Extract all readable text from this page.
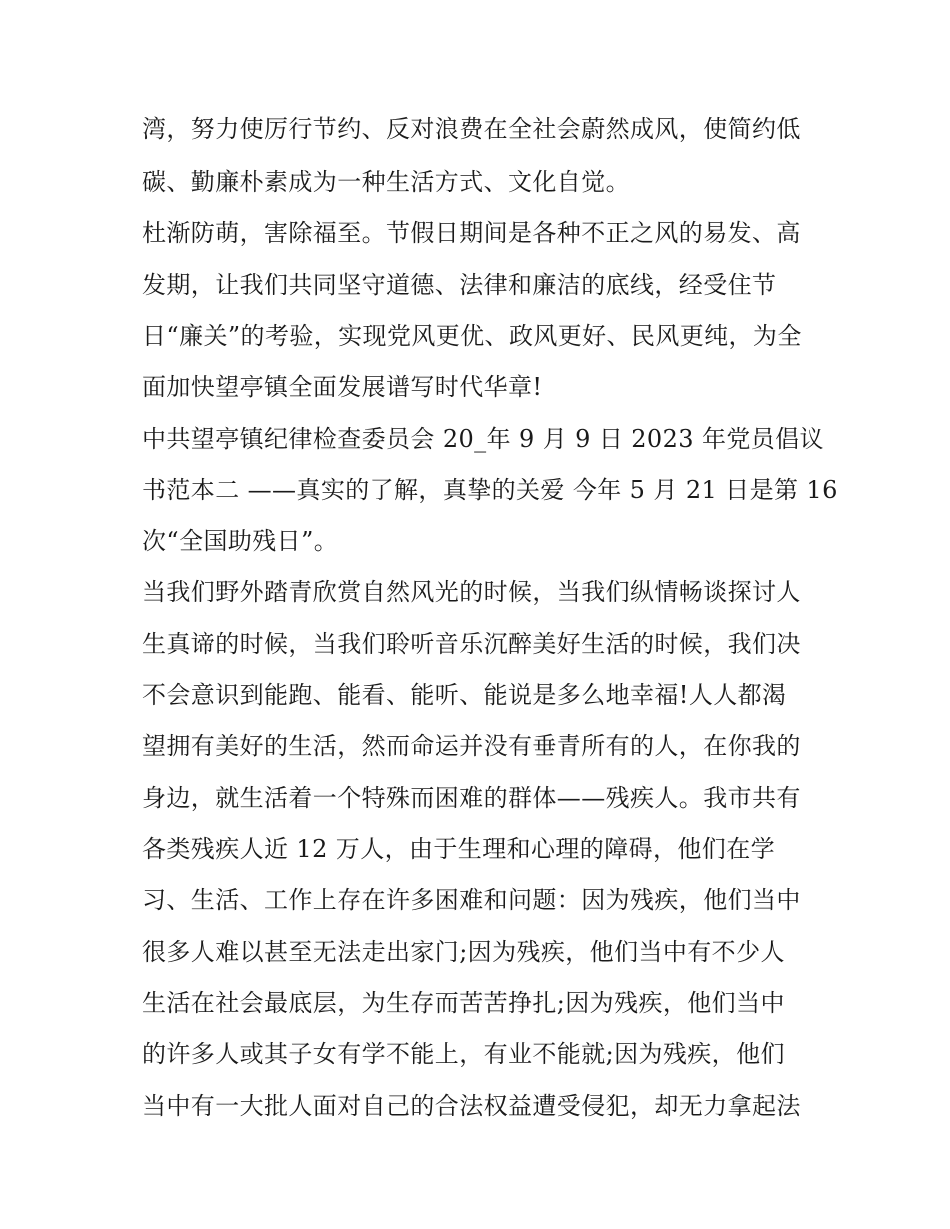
湾，努力使厉行节约、反对浪费在全社会蔚然成风，使简约低
碳、勤廉朴素成为一种生活方式、文化自觉。
杜渐防萌，害除福至。节假日期间是各种不正之风的易发、高
发期，让我们共同坚守道德、法律和廉洁的底线，经受住节
日“廉关”的考验，实现党风更优、政风更好、民风更纯，为全
面加快望亭镇全面发展谱写时代华章!
中共望亭镇纪律检查委员会 20_年 9 月 9 日 2023 年党员倡议
书范本二 ——真实的了解，真挚的关爱 今年 5 月 21 日是第 16
次“全国助残日”。
当我们野外踏青欣赏自然风光的时候，当我们纵情畅谈探讨人
生真谛的时候，当我们聆听音乐沉醉美好生活的时候，我们决
不会意识到能跑、能看、能听、能说是多么地幸福!人人都渴
望拥有美好的生活，然而命运并没有垂青所有的人，在你我的
身边，就生活着一个特殊而困难的群体——残疾人。我市共有
各类残疾人近 12 万人，由于生理和心理的障碍，他们在学
习、生活、工作上存在许多困难和问题：因为残疾，他们当中
很多人难以甚至无法走出家门;因为残疾，他们当中有不少人
生活在社会最底层，为生存而苦苦挣扎;因为残疾，他们当中
的许多人或其子女有学不能上，有业不能就;因为残疾，他们
当中有一大批人面对自己的合法权益遭受侵犯，却无力拿起法
